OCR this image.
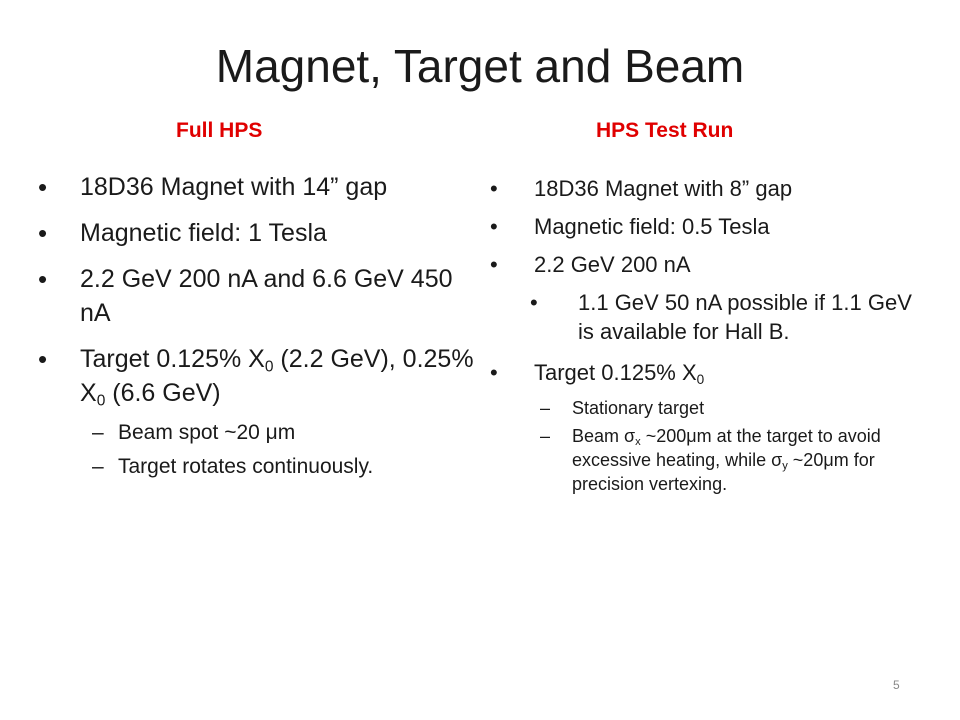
Magnet, Target and Beam
Full HPS	HPS Test Run
• 18D36 Magnet with 14” gap
• Magnetic field: 1 Tesla
• 2.2 GeV 200 nA and 6.6 GeV 450 nA
• Target 0.125% $X_0$ (2.2 GeV), 0.25% $X_0$ (6.6 GeV)
– Beam spot ~20 μm
– Target rotates continuously.
• 18D36 Magnet with 8” gap
• Magnetic field: 0.5 Tesla
• 2.2 GeV 200 nA
• 1.1 GeV 50 nA possible if 1.1 GeV is available for Hall B.
• Target 0.125% $X_0$
– Stationary target
– Beam $\sigma_x$ ~200μm at the target to avoid excessive heating, while $\sigma_y$ ~20μm for precision vertexing.
5
